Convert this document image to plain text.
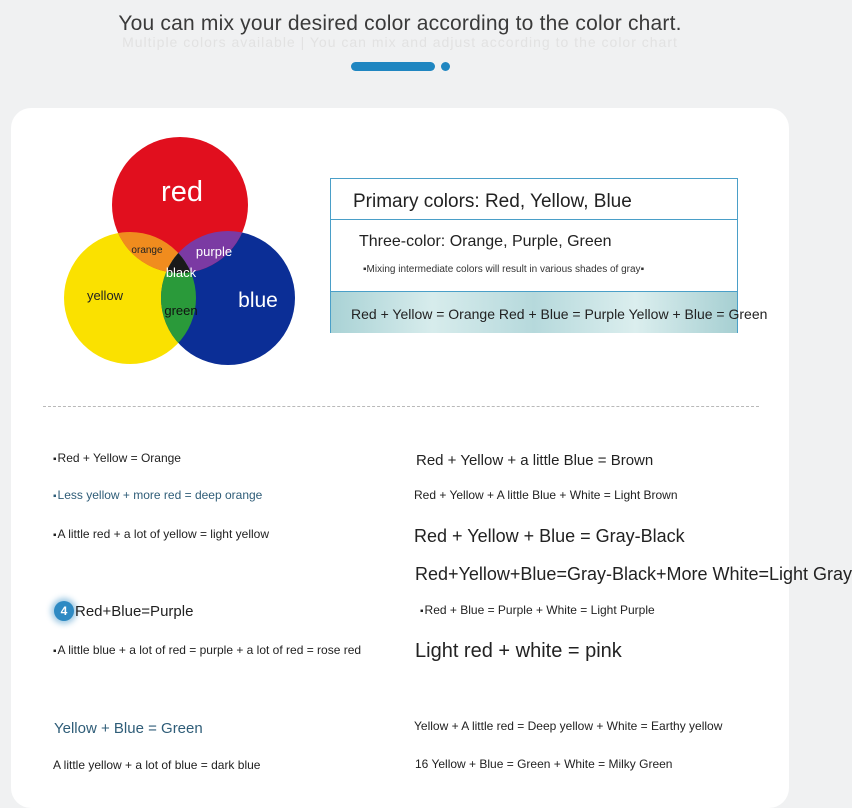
You can mix your desired color according to the color chart.
Multiple colors available | You can mix and adjust according to the color chart
red
yellow	blue
orange	purple
black
green
Primary colors: Red, Yellow, Blue
Three-color: Orange, Purple, Green
▪Mixing intermediate colors will result in various shades of gray▪
Red + Yellow = Orange Red + Blue = Purple Yellow + Blue = Green
▪Red + Yellow = Orange
▪Less yellow + more red = deep orange
▪A little red + a lot of yellow = light yellow
4 Red+Blue=Purple
▪A little blue + a lot of red = purple + a lot of red = rose red
Yellow + Blue = Green
A little yellow + a lot of blue = dark blue
Red + Yellow + a little Blue = Brown
Red + Yellow + A little Blue + White = Light Brown
Red + Yellow + Blue = Gray-Black
Red+Yellow+Blue=Gray-Black+More White=Light Gray
▪Red + Blue = Purple + White = Light Purple
Light red + white = pink
Yellow + A little red = Deep yellow + White = Earthy yellow
16 Yellow + Blue = Green + White = Milky Green
